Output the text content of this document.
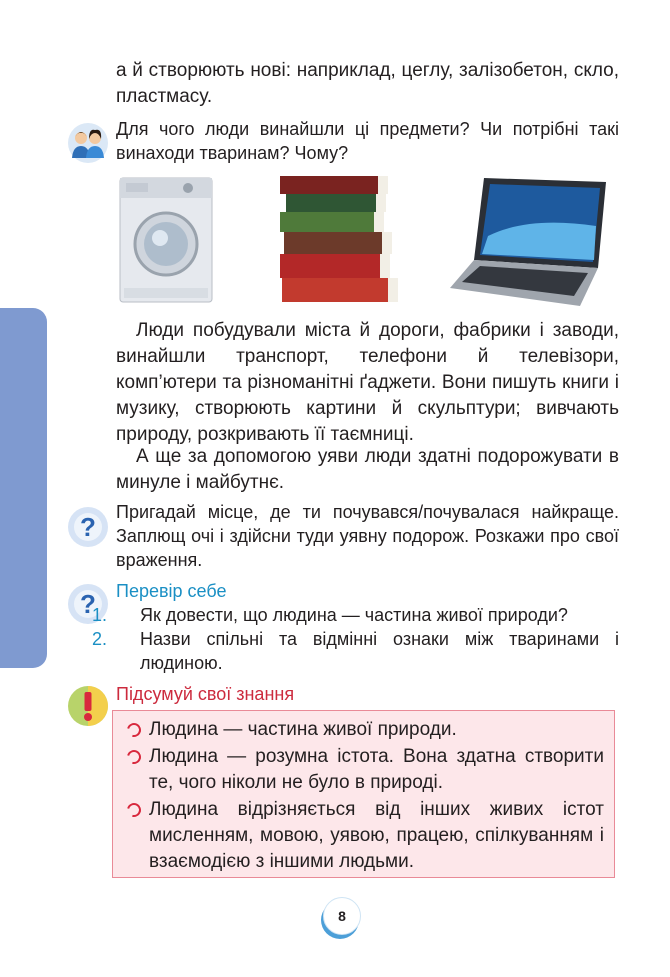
а й створюють нові: наприклад, цеглу, залізобетон, скло, пластмасу.

Для чого люди винайшли ці предмети? Чи потрібні такі винаходи тваринам? Чому?

Люди побудували міста й дороги, фабрики і заводи, винайшли транспорт, телефони й телевізори, комп’ютери та різноманітні ґаджети. Вони пишуть книги і музику, створюють картини й скульптури; вивчають природу, розкривають її таємниці.

А ще за допомогою уяви люди здатні подорожувати в минуле і майбутнє.

? Пригадай місце, де ти почувався/почувалася найкраще. Заплющ очі і здійсни туди уявну подорож. Розкажи про свої враження.

? Перевір себе
1. Як довести, що людина — частина живої природи?
2. Назви спільні та відмінні ознаки між тваринами і людиною.

Підсумуй свої знання

Людина — частина живої природи.
Людина — розумна істота. Вона здатна створити те, чого ніколи не було в природі.
Людина відрізняється від інших живих істот мисленням, мовою, уявою, працею, спілкуванням і взаємодією з іншими людьми.
8
